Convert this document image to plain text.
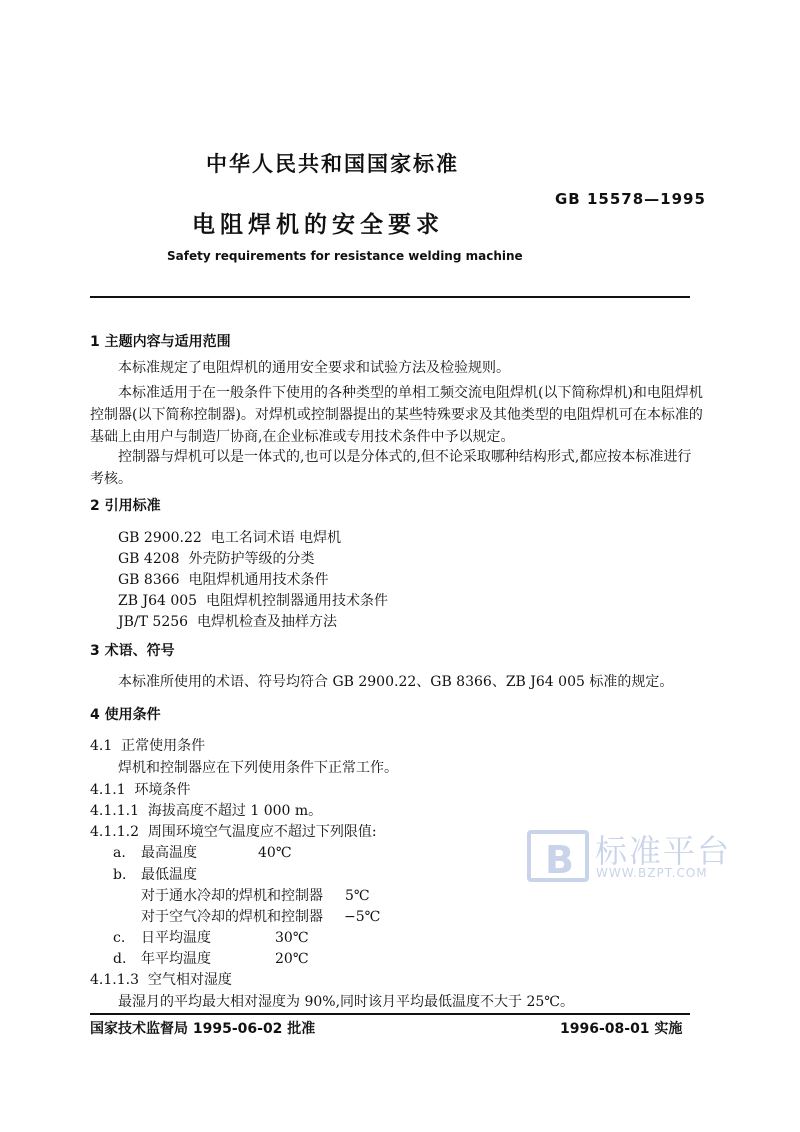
中华人民共和国国家标准
GB 15578—1995
电阻焊机的安全要求
Safety requirements for resistance welding machine
1 主题内容与适用范围
本标准规定了电阻焊机的通用安全要求和试验方法及检验规则。
本标准适用于在一般条件下使用的各种类型的单相工频交流电阻焊机(以下简称焊机)和电阻焊机
控制器(以下简称控制器)。对焊机或控制器提出的某些特殊要求及其他类型的电阻焊机可在本标准的
基础上由用户与制造厂协商,在企业标准或专用技术条件中予以规定。
控制器与焊机可以是一体式的,也可以是分体式的,但不论采取哪种结构形式,都应按本标准进行
考核。
2 引用标准
GB 2900.22 电工名词术语 电焊机
GB 4208 外壳防护等级的分类
GB 8366 电阻焊机通用技术条件
ZB J64 005 电阻焊机控制器通用技术条件
JB/T 5256 电焊机检查及抽样方法
3 术语、符号
本标准所使用的术语、符号均符合 GB 2900.22、GB 8366、ZB J64 005 标准的规定。
4 使用条件
4.1 正常使用条件
焊机和控制器应在下列使用条件下正常工作。
4.1.1 环境条件
4.1.1.1 海拔高度不超过 1 000 m。
4.1.1.2 周围环境空气温度应不超过下列限值:
a. 最高温度	40℃
b. 最低温度
对于通水冷却的焊机和控制器 5℃
对于空气冷却的焊机和控制器 −5℃
c. 日平均温度	30℃
d. 年平均温度	20℃
4.1.1.3 空气相对湿度
最湿月的平均最大相对湿度为 90%,同时该月平均最低温度不大于 25℃。
国家技术监督局 1995-06-02 批准	1996-08-01 实施
B 标准平台
WWW.BZPT.COM
